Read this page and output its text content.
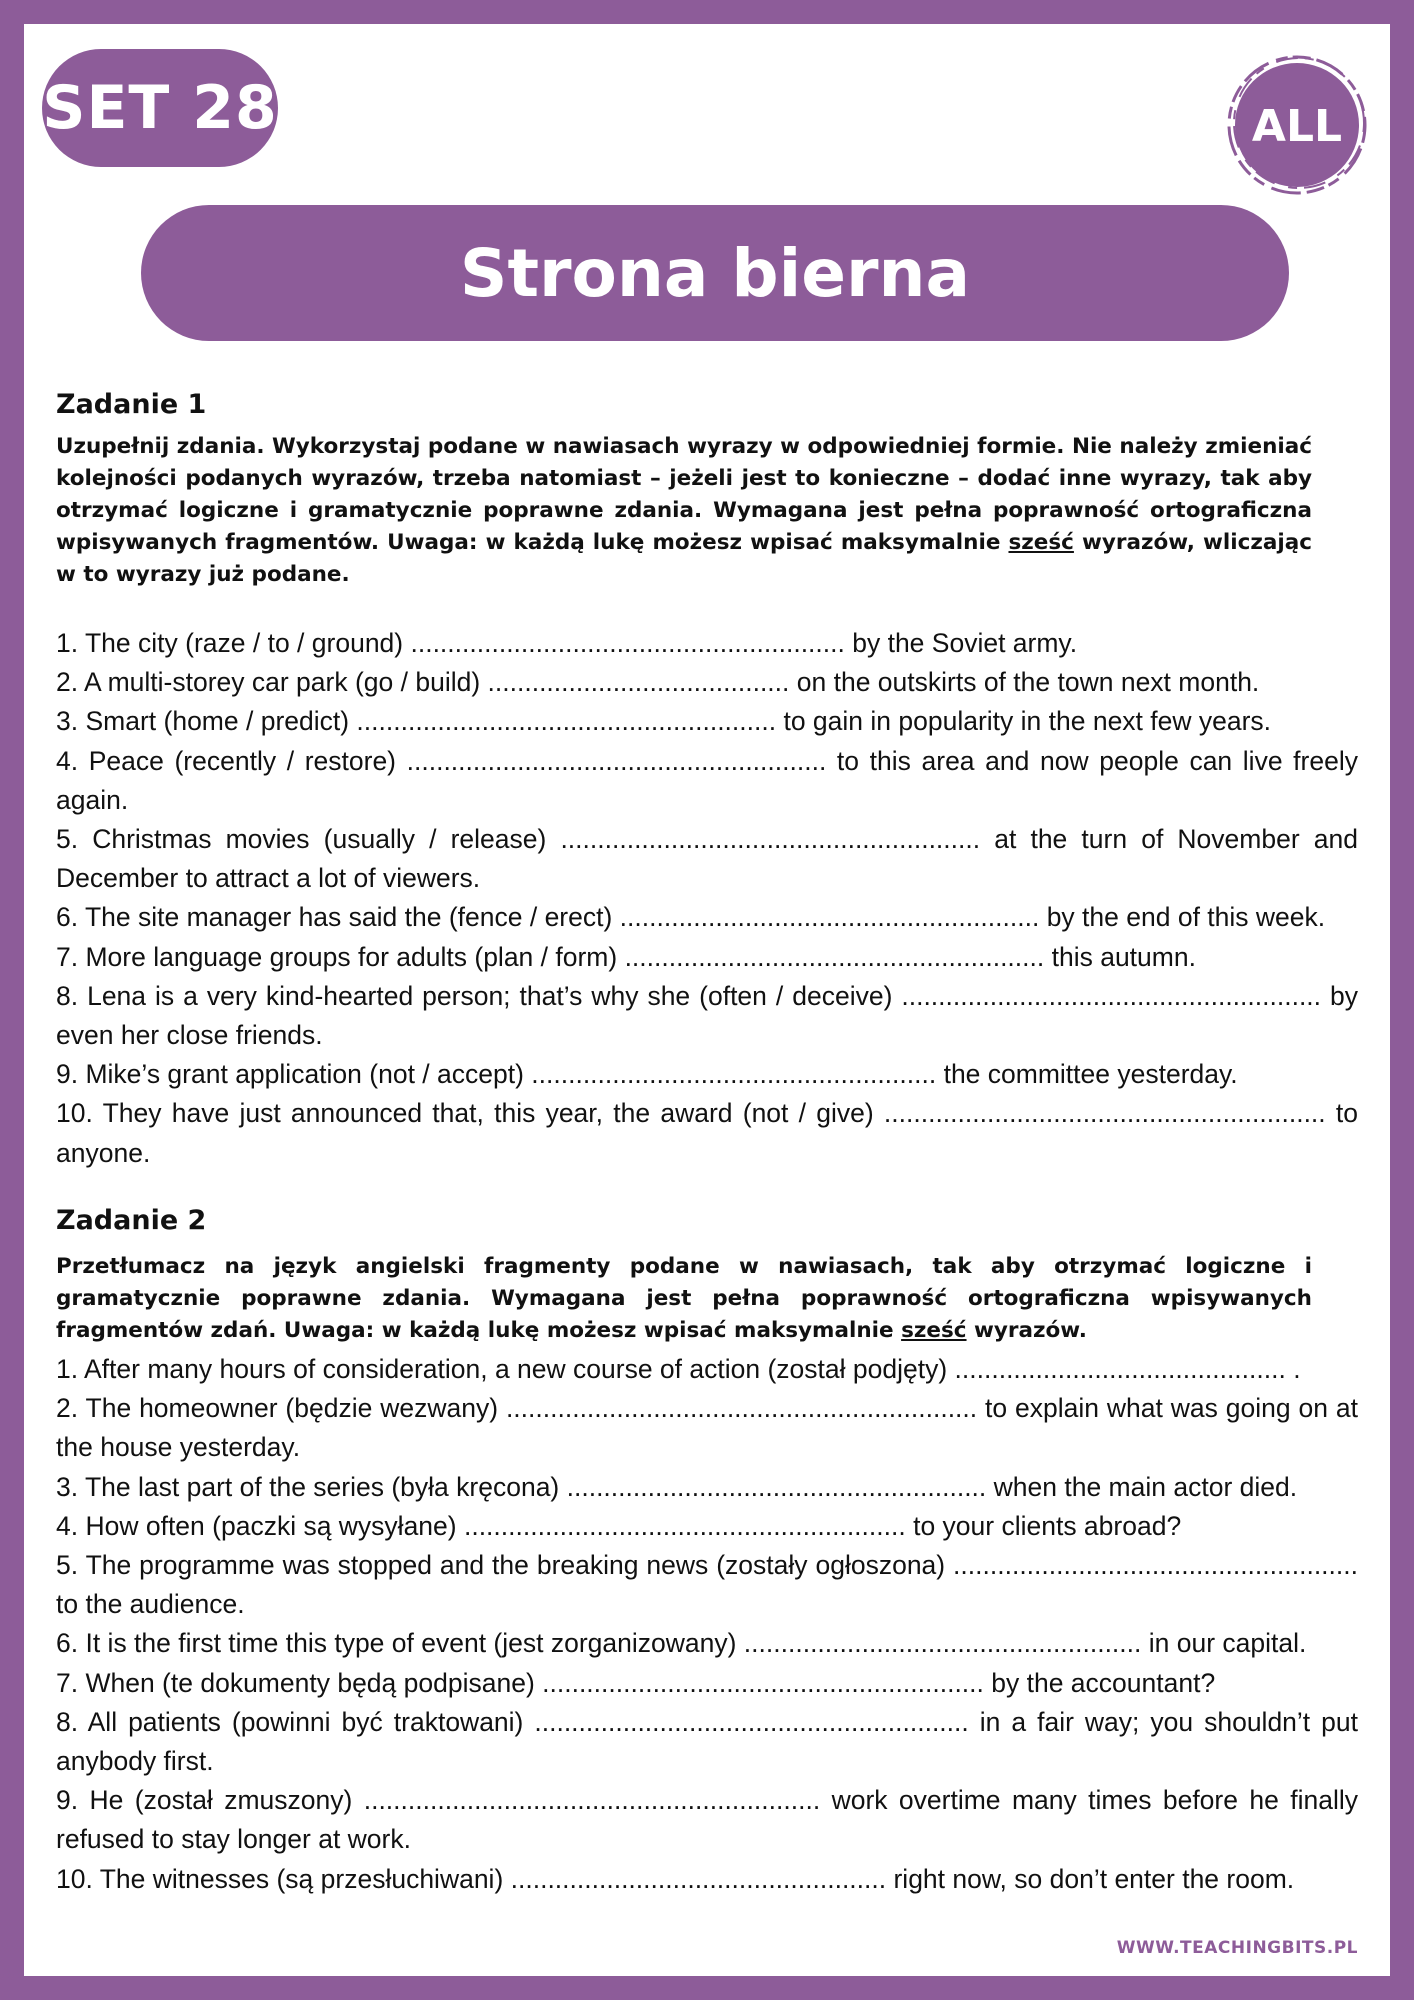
SET 28	ALL
Strona bierna
Zadanie 1
Uzupełnij zdania. Wykorzystaj podane w nawiasach wyrazy w odpowiedniej formie. Nie należy zmieniać kolejności podanych wyrazów, trzeba natomiast – jeżeli jest to konieczne – dodać inne wyrazy, tak aby otrzymać logiczne i gramatycznie poprawne zdania. Wymagana jest pełna poprawność ortograficzna wpisywanych fragmentów. Uwaga: w każdą lukę możesz wpisać maksymalnie sześć wyrazów, wliczając w to wyrazy już podane.
1. The city (raze / to / ground) ........................................................... by the Soviet army.
2. A multi-storey car park (go / build) ......................................... on the outskirts of the town next month.
3. Smart (home / predict) ......................................................... to gain in popularity in the next few years.
4. Peace (recently / restore) ......................................................... to this area and now people can live freely again.
5. Christmas movies (usually / release) ......................................................... at the turn of November and December to attract a lot of viewers.
6. The site manager has said the (fence / erect) ......................................................... by the end of this week.
7. More language groups for adults (plan / form) ......................................................... this autumn.
8. Lena is a very kind-hearted person; that’s why she (often / deceive) ......................................................... by even her close friends.
9. Mike’s grant application (not / accept) ....................................................... the committee yesterday.
10. They have just announced that, this year, the award (not / give) ............................................................ to anyone.
Zadanie 2
Przetłumacz na język angielski fragmenty podane w nawiasach, tak aby otrzymać logiczne i gramatycznie poprawne zdania. Wymagana jest pełna poprawność ortograficzna wpisywanych fragmentów zdań. Uwaga: w każdą lukę możesz wpisać maksymalnie sześć wyrazów.
1. After many hours of consideration, a new course of action (został podjęty) ............................................. .
2. The homeowner (będzie wezwany) ................................................................ to explain what was going on at the house yesterday.
3. The last part of the series (była kręcona) ......................................................... when the main actor died.
4. How often (paczki są wysyłane) ............................................................ to your clients abroad?
5. The programme was stopped and the breaking news (zostały ogłoszona) ....................................................... to the audience.
6. It is the first time this type of event (jest zorganizowany) ...................................................... in our capital.
7. When (te dokumenty będą podpisane) ............................................................ by the accountant?
8. All patients (powinni być traktowani) ........................................................... in a fair way; you shouldn’t put anybody first.
9. He (został zmuszony) .............................................................. work overtime many times before he finally refused to stay longer at work.
10. The witnesses (są przesłuchiwani) ................................................... right now, so don’t enter the room.
WWW.TEACHINGBITS.PL
